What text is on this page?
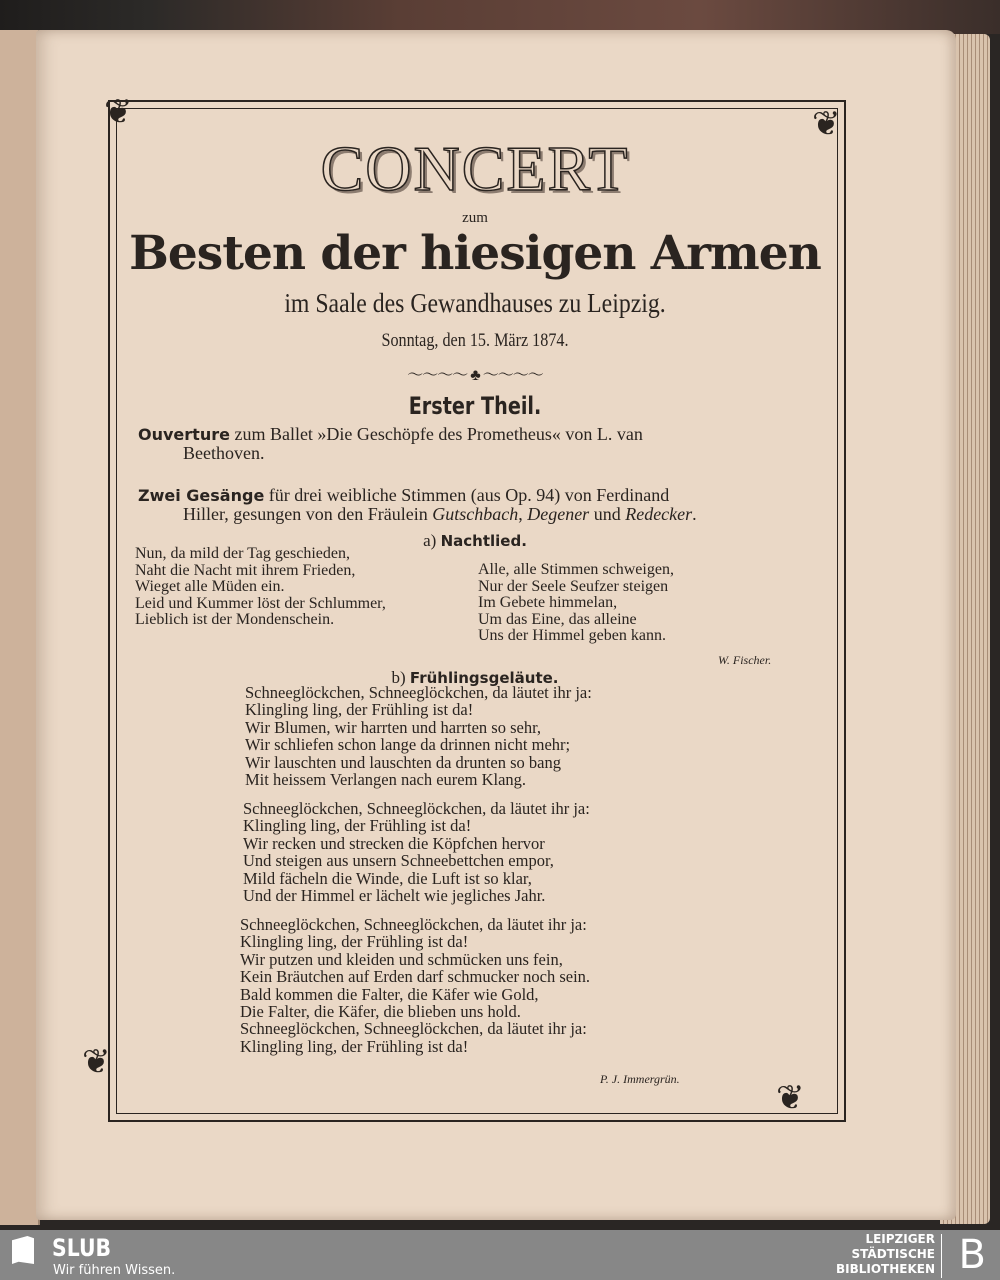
❦	❦
❦
❦
CONCERT
zum
Besten der hiesigen Armen
im Saale des Gewandhauses zu Leipzig.
Sonntag, den 15. März 1874.
～～～～ ♣ ～～～～
Erster Theil.
Ouverture zum Ballet »Die Geschöpfe des Prometheus« von L. van
Beethoven.
Zwei Gesänge für drei weibliche Stimmen (aus Op. 94) von Ferdinand
Hiller, gesungen von den Fräulein Gutschbach, Degener und Redecker.
a) Nachtlied.
Nun, da mild der Tag geschieden,
Naht die Nacht mit ihrem Frieden,
Wieget alle Müden ein.
Leid und Kummer löst der Schlummer,
Lieblich ist der Mondenschein.
Alle, alle Stimmen schweigen,
Nur der Seele Seufzer steigen
Im Gebete himmelan,
Um das Eine, das alleine
Uns der Himmel geben kann.
W. Fischer.
b) Frühlingsgeläute.
Schneeglöckchen, Schneeglöckchen, da läutet ihr ja:
Klingling ling, der Frühling ist da!
Wir Blumen, wir harrten und harrten so sehr,
Wir schliefen schon lange da drinnen nicht mehr;
Wir lauschten und lauschten da drunten so bang
Mit heissem Verlangen nach eurem Klang.
Schneeglöckchen, Schneeglöckchen, da läutet ihr ja:
Klingling ling, der Frühling ist da!
Wir recken und strecken die Köpfchen hervor
Und steigen aus unsern Schneebettchen empor,
Mild fächeln die Winde, die Luft ist so klar,
Und der Himmel er lächelt wie jegliches Jahr.
Schneeglöckchen, Schneeglöckchen, da läutet ihr ja:
Klingling ling, der Frühling ist da!
Wir putzen und kleiden und schmücken uns fein,
Kein Bräutchen auf Erden darf schmucker noch sein.
Bald kommen die Falter, die Käfer wie Gold,
Die Falter, die Käfer, die blieben uns hold.
Schneeglöckchen, Schneeglöckchen, da läutet ihr ja:
Klingling ling, der Frühling ist da!
P. J. Immergrün.
SLUB
Wir führen Wissen.
LEIPZIGER
STÄDTISCHE
BIBLIOTHEKEN B
